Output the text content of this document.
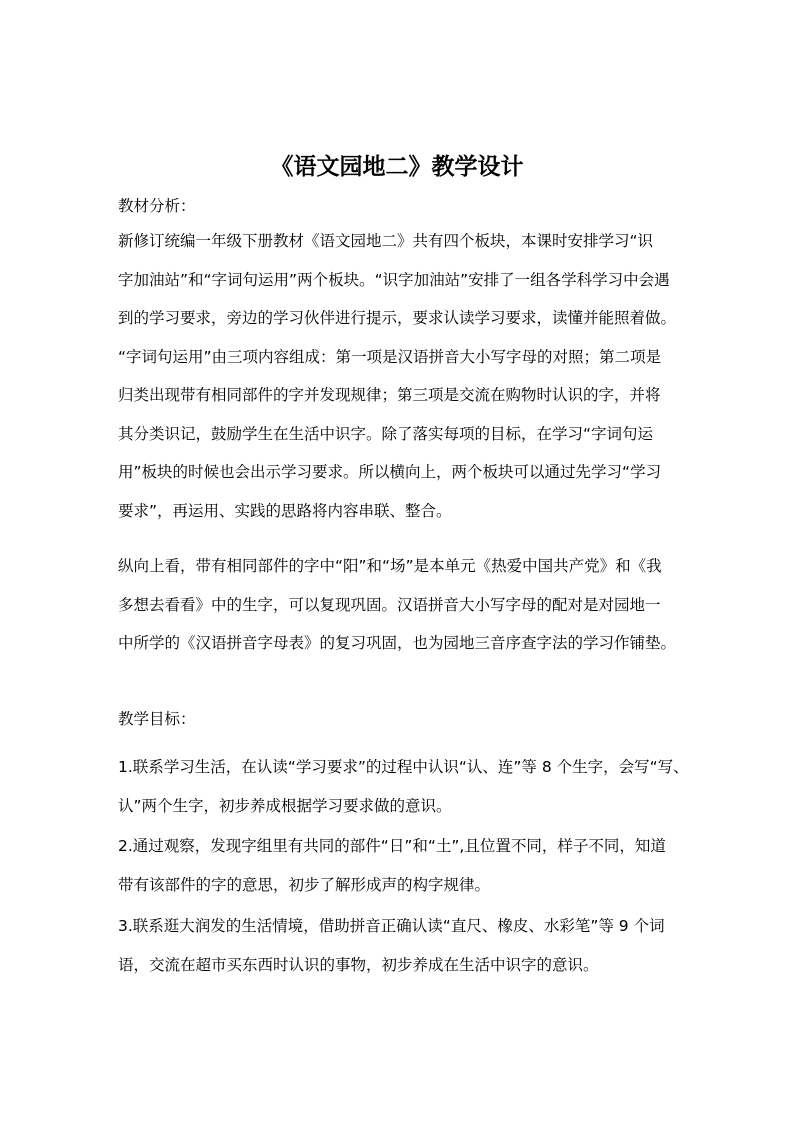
《语文园地二》教学设计
教材分析：
新修订统编一年级下册教材《语文园地二》共有四个板块，本课时安排学习“识
字加油站”和“字词句运用”两个板块。“识字加油站”安排了一组各学科学习中会遇
到的学习要求，旁边的学习伙伴进行提示，要求认读学习要求，读懂并能照着做。
“字词句运用”由三项内容组成：第一项是汉语拼音大小写字母的对照；第二项是
归类出现带有相同部件的字并发现规律；第三项是交流在购物时认识的字，并将
其分类识记，鼓励学生在生活中识字。除了落实每项的目标，在学习“字词句运
用”板块的时候也会出示学习要求。所以横向上，两个板块可以通过先学习“学习
要求”，再运用、实践的思路将内容串联、整合。
纵向上看，带有相同部件的字中“阳”和“场”是本单元《热爱中国共产党》和《我
多想去看看》中的生字，可以复现巩固。汉语拼音大小写字母的配对是对园地一
中所学的《汉语拼音字母表》的复习巩固，也为园地三音序查字法的学习作铺垫。
教学目标：
1.联系学习生活，在认读“学习要求”的过程中认识“认、连”等 8 个生字，会写“写、
认”两个生字，初步养成根据学习要求做的意识。
2.通过观察，发现字组里有共同的部件“日”和“土”,且位置不同，样子不同，知道
带有该部件的字的意思，初步了解形成声的构字规律。
3.联系逛大润发的生活情境，借助拼音正确认读“直尺、橡皮、水彩笔”等 9 个词
语，交流在超市买东西时认识的事物，初步养成在生活中识字的意识。
